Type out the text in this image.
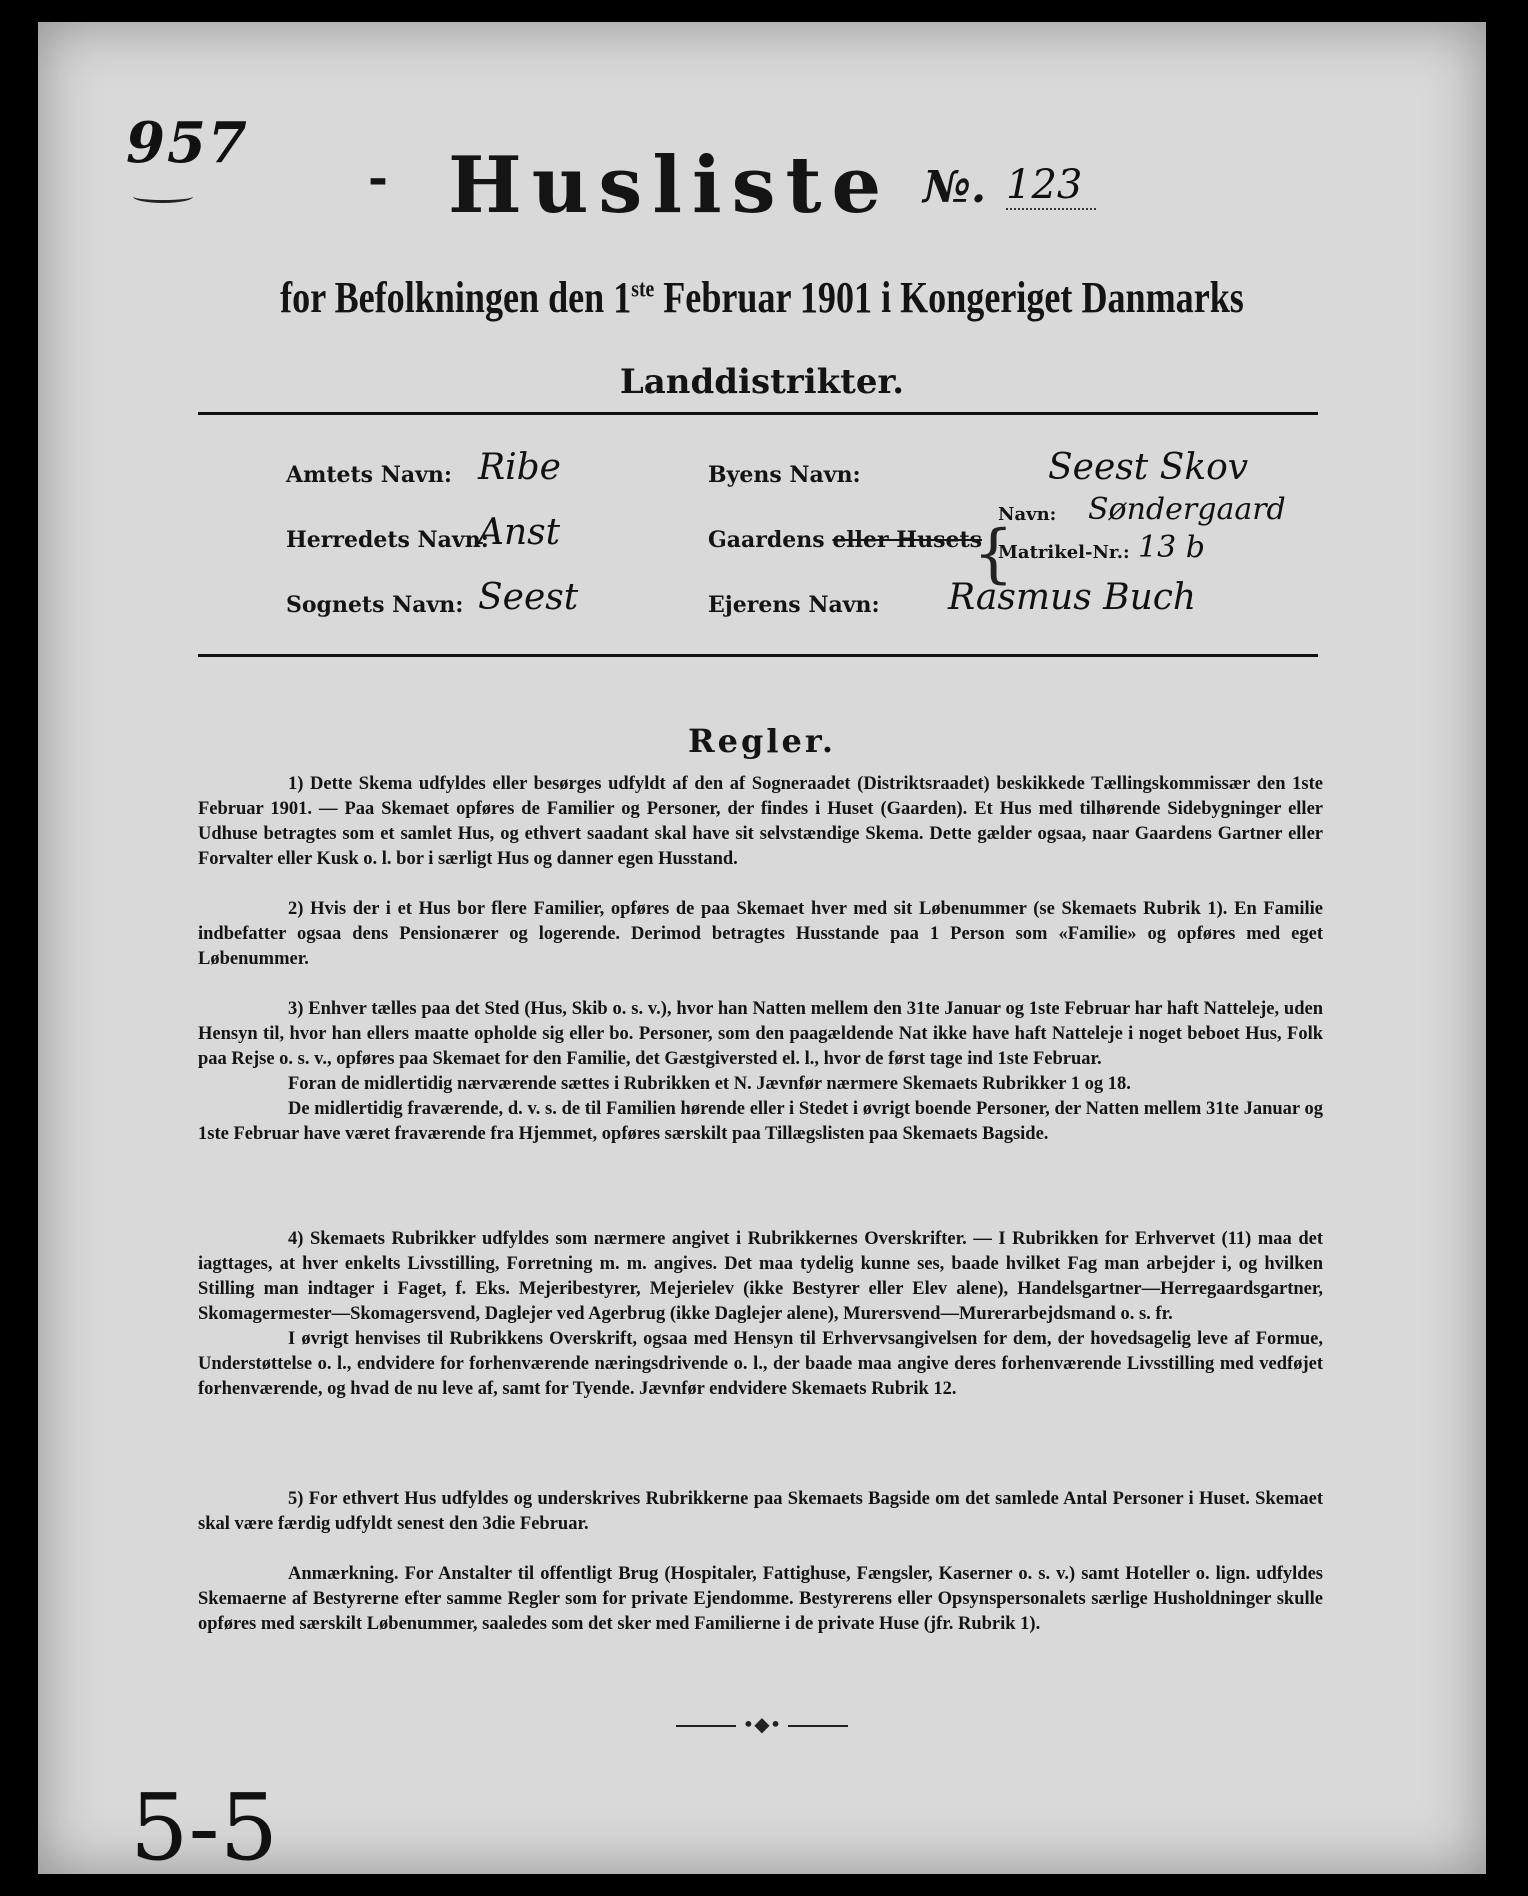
957
- Husliste №. 123
for Befolkningen den 1ste Februar 1901 i Kongeriget Danmarks
Landdistrikter.
Amtets Navn: Ribe
Herredets Navn:
Anst
Sognets Navn: Seest
Byens Navn:	Seest Skov
Gaardens eller Husets
{
Navn: Søndergaard
Matrikel-Nr.: 13 b
Ejerens Navn: Rasmus Buch
Regler.

1) Dette Skema udfyldes eller besørges udfyldt af den af Sogneraadet (Distriktsraadet) beskikkede Tællingskommissær den 1ste Februar 1901. — Paa Skemaet opføres de Familier og Personer, der findes i Huset (Gaarden). Et Hus med tilhørende Sidebygninger eller Udhuse betragtes som et samlet Hus, og ethvert saadant skal have sit selvstændige Skema. Dette gælder ogsaa, naar Gaardens Gartner eller Forvalter eller Kusk o. l. bor i særligt Hus og danner egen Husstand.

2) Hvis der i et Hus bor flere Familier, opføres de paa Skemaet hver med sit Løbenummer (se Skemaets Rubrik 1). En Familie indbefatter ogsaa dens Pensionærer og logerende. Derimod betragtes Husstande paa 1 Person som «Familie» og opføres med eget Løbenummer.

3) Enhver tælles paa det Sted (Hus, Skib o. s. v.), hvor han Natten mellem den 31te Januar og 1ste Februar har haft Natteleje, uden Hensyn til, hvor han ellers maatte opholde sig eller bo. Personer, som den paagældende Nat ikke have haft Natteleje i noget beboet Hus, Folk paa Rejse o. s. v., opføres paa Skemaet for den Familie, det Gæstgiversted el. l., hvor de først tage ind 1ste Februar.

Foran de midlertidig nærværende sættes i Rubrikken et N. Jævnfør nærmere Skemaets Rubrikker 1 og 18.

De midlertidig fraværende, d. v. s. de til Familien hørende eller i Stedet i øvrigt boende Personer, der Natten mellem 31te Januar og 1ste Februar have været fraværende fra Hjemmet, opføres særskilt paa Tillægslisten paa Skemaets Bagside.

4) Skemaets Rubrikker udfyldes som nærmere angivet i Rubrikkernes Overskrifter. — I Rubrikken for Erhvervet (11) maa det iagttages, at hver enkelts Livsstilling, Forretning m. m. angives. Det maa tydelig kunne ses, baade hvilket Fag man arbejder i, og hvilken Stilling man indtager i Faget, f. Eks. Mejeribestyrer, Mejerielev (ikke Bestyrer eller Elev alene), Handelsgartner—Herregaardsgartner, Skomagermester—Skomagersvend, Daglejer ved Agerbrug (ikke Daglejer alene), Murersvend—Murerarbejdsmand o. s. fr.

I øvrigt henvises til Rubrikkens Overskrift, ogsaa med Hensyn til Erhvervsangivelsen for dem, der hovedsagelig leve af Formue, Understøttelse o. l., endvidere for forhenværende næringsdrivende o. l., der baade maa angive deres forhenværende Livsstilling med vedføjet forhenværende, og hvad de nu leve af, samt for Tyende. Jævnfør endvidere Skemaets Rubrik 12.

5) For ethvert Hus udfyldes og underskrives Rubrikkerne paa Skemaets Bagside om det samlede Antal Personer i Huset. Skemaet skal være færdig udfyldt senest den 3die Februar.

Anmærkning. For Anstalter til offentligt Brug (Hospitaler, Fattighuse, Fængsler, Kaserner o. s. v.) samt Hoteller o. lign. udfyldes Skemaerne af Bestyrerne efter samme Regler som for private Ejendomme. Bestyrerens eller Opsynspersonalets særlige Husholdninger skulle opføres med særskilt Løbenummer, saaledes som det sker med Familierne i de private Huse (jfr. Rubrik 1).

•◆•
5-5
